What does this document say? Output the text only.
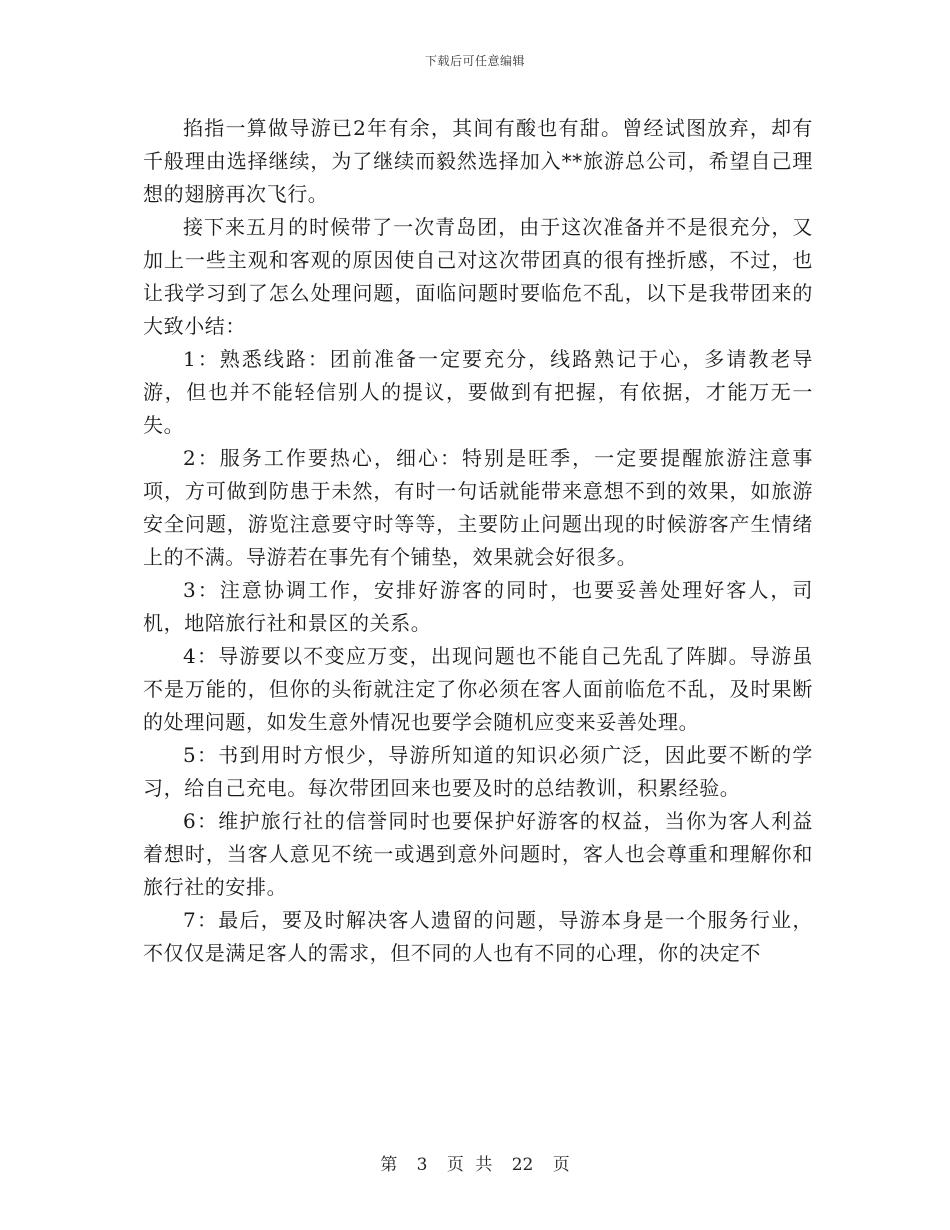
下载后可任意编辑

掐指一算做导游已2年有余，其间有酸也有甜。曾经试图放弃，却有千般理由选择继续，为了继续而毅然选择加入**旅游总公司，希望自己理想的翅膀再次飞行。

接下来五月的时候带了一次青岛团，由于这次准备并不是很充分，又加上一些主观和客观的原因使自己对这次带团真的很有挫折感，不过，也让我学习到了怎么处理问题，面临问题时要临危不乱，以下是我带团来的大致小结：

1：熟悉线路：团前准备一定要充分，线路熟记于心，多请教老导游，但也并不能轻信别人的提议，要做到有把握，有依据，才能万无一失。

2：服务工作要热心，细心：特别是旺季，一定要提醒旅游注意事项，方可做到防患于未然，有时一句话就能带来意想不到的效果，如旅游安全问题，游览注意要守时等等，主要防止问题出现的时候游客产生情绪上的不满。导游若在事先有个铺垫，效果就会好很多。

3：注意协调工作，安排好游客的同时，也要妥善处理好客人，司机，地陪旅行社和景区的关系。

4：导游要以不变应万变，出现问题也不能自己先乱了阵脚。导游虽不是万能的，但你的头衔就注定了你必须在客人面前临危不乱，及时果断的处理问题，如发生意外情况也要学会随机应变来妥善处理。

5：书到用时方恨少，导游所知道的知识必须广泛，因此要不断的学习，给自己充电。每次带团回来也要及时的总结教训，积累经验。

6：维护旅行社的信誉同时也要保护好游客的权益，当你为客人利益着想时，当客人意见不统一或遇到意外问题时，客人也会尊重和理解你和旅行社的安排。

7：最后，要及时解决客人遗留的问题，导游本身是一个服务行业，不仅仅是满足客人的需求，但不同的人也有不同的心理，你的决定不

第 3 页 共 22 页
